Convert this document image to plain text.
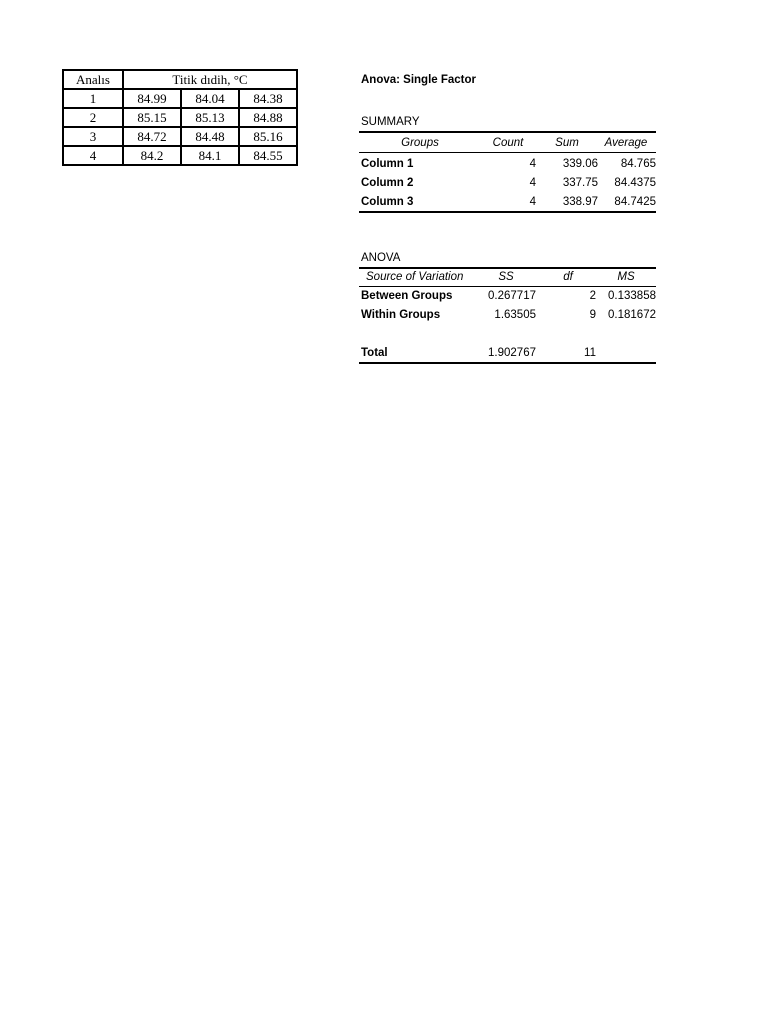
Analıs	Titik dıdih, °C		
1	84.99	84.04	84.38
2	85.15	85.13	84.88
3	84.72	84.48	85.16
4	84.2	84.1	84.55
Anova: Single Factor
SUMMARY
Groups	Count	Sum	Average
Column 1	4	339.06	84.765
Column 2	4	337.75	84.4375
Column 3	4	338.97	84.7425
ANOVA
Source of Variation	SS	df	MS
Between Groups	0.267717	2	0.133858
Within Groups	1.63505	9	0.181672
Total	1.902767	11
